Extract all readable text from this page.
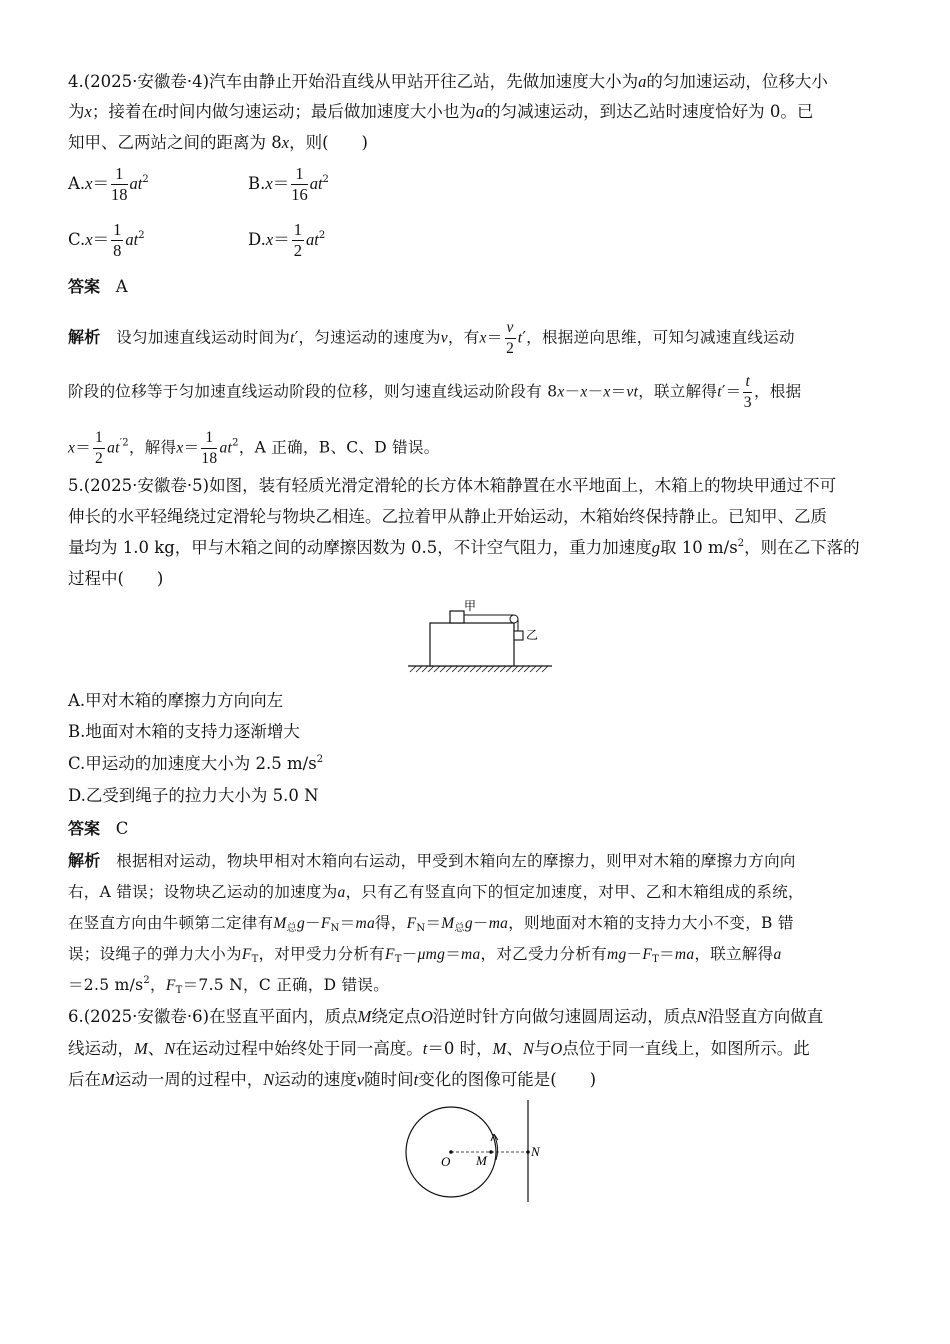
4.(2025·安徽卷·4)汽车由静止开始沿直线从甲站开往乙站，先做加速度大小为a的匀加速运动，位移大小
为x；接着在t时间内做匀速运动；最后做加速度大小也为a的匀减速运动，到达乙站时速度恰好为 0。已
知甲、乙两站之间的距离为 8x，则(　　)
$A.x= \frac{1}{18} at^2$	$B.x= \frac{1}{16} at^2$
$C.x= \frac{1}{8} at^2$	$D.x= \frac{1}{2} at^2$
答案 A
解析 设匀加速直线运动时间为t′，匀速运动的速度为v，有$x= \frac{v}{2} t'$，根据逆向思维，可知匀减速直线运动
阶段的位移等于匀加速直线运动阶段的位移，则匀速直线运动阶段有 8x－x－x＝vt，联立解得$t'= \frac{t}{3}$ ，根据
$x= \frac{1}{2} at^{'2}$，解得$x= \frac{1}{18} at^2$，A 正确，B、C、D 错误。
5.(2025·安徽卷·5)如图，装有轻质光滑定滑轮的长方体木箱静置在水平地面上，木箱上的物块甲通过不可
伸长的水平轻绳绕过定滑轮与物块乙相连。乙拉着甲从静止开始运动，木箱始终保持静止。已知甲、乙质
量均为 1.0 kg，甲与木箱之间的动摩擦因数为 0.5，不计空气阻力，重力加速度g取 10 $m/s^2$，则在乙下落的
过程中(　　)
甲
乙
A.甲对木箱的摩擦力方向向左
B.地面对木箱的支持力逐渐增大
C.甲运动的加速度大小为 2.5 $m/s^2$
D.乙受到绳子的拉力大小为 5.0 N
答案 C
解析 根据相对运动，物块甲相对木箱向右运动，甲受到木箱向左的摩擦力，则甲对木箱的摩擦力方向向
右，A 错误；设物块乙运动的加速度为a，只有乙有竖直向下的恒定加速度，对甲、乙和木箱组成的系统，
在竖直方向由牛顿第二定律有$M_总g-F_N=ma$得，$F_N=M_总g-ma$，则地面对木箱的支持力大小不变，B 错
误；设绳子的弹力大小为$F_T$，对甲受力分析有$F_T-\mu mg=ma$，对乙受力分析有$mg-F_T=ma$，联立解得a
＝2.5 $m/s^2$，$F_T=7.5$ N，C 正确，D 错误。
6.(2025·安徽卷·6)在竖直平面内，质点M绕定点O沿逆时针方向做匀速圆周运动，质点N沿竖直方向做直
线运动，M、N在运动过程中始终处于同一高度。t＝0 时，M、N与O点位于同一直线上，如图所示。此
后在M运动一周的过程中，N运动的速度v随时间t变化的图像可能是(　　)
O M
N
